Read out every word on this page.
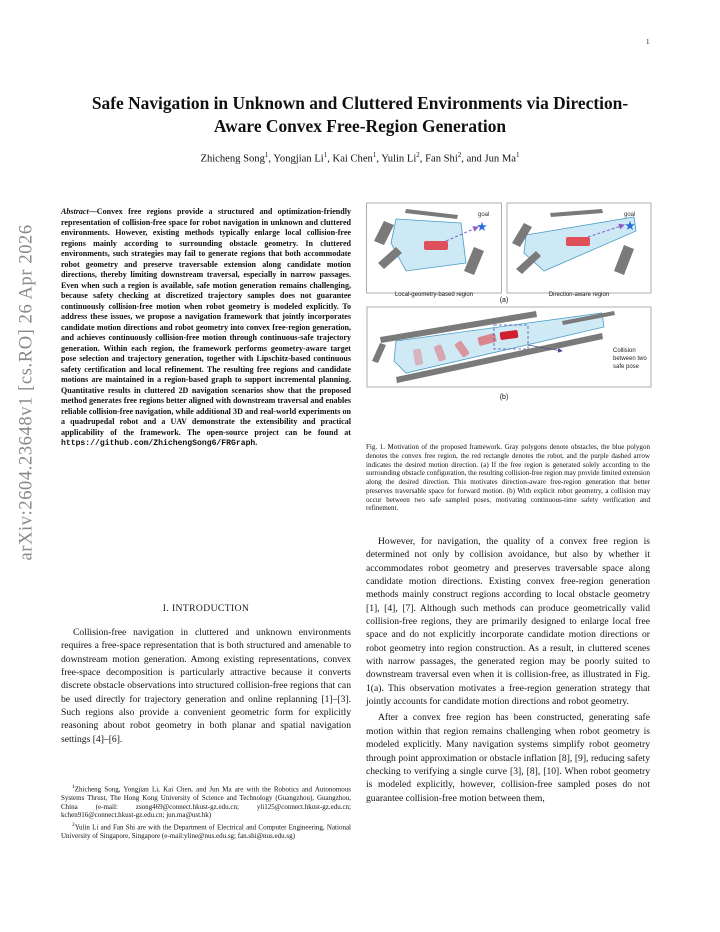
1
arXiv:2604.23648v1 [cs.RO] 26 Apr 2026
Safe Navigation in Unknown and Cluttered Environments via Direction-Aware Convex Free-Region Generation
Zhicheng Song$^1$, Yongjian Li$^1$, Kai Chen$^1$, Yulin Li$^2$, Fan Shi$^2$, and Jun Ma$^1$
Abstract—Convex free regions provide a structured and optimization-friendly representation of collision-free space for robot navigation in unknown and cluttered environments. However, existing methods typically enlarge local collision-free regions mainly according to surrounding obstacle geometry. In cluttered environments, such strategies may fail to generate regions that both accommodate robot geometry and preserve traversable extension along candidate motion directions, thereby limiting downstream traversal, especially in narrow passages. Even when such a region is available, safe motion generation remains challenging, because safety checking at discretized trajectory samples does not guarantee continuously collision-free motion when robot geometry is modeled explicitly. To address these issues, we propose a navigation framework that jointly incorporates candidate motion directions and robot geometry into convex free-region generation, and achieves continuously collision-free motion through continuous-safe trajectory generation. Within each region, the framework performs geometry-aware target pose selection and trajectory generation, together with Lipschitz-based continuous safety certification and local refinement. The resulting free regions and candidate motions are maintained in a region-based graph to support incremental planning. Quantitative results in cluttered 2D navigation scenarios show that the proposed method generates free regions better aligned with downstream traversal and enables reliable collision-free navigation, while additional 3D and real-world experiments on a quadrupedal robot and a UAV demonstrate the extensibility and practical applicability of the framework. The open-source project can be found at https://github.com/ZhichengSong6/FRGraph.
I. INTRODUCTION

Collision-free navigation in cluttered and unknown environments requires a free-space representation that is both structured and amenable to downstream motion generation. Among existing representations, convex free-space decomposition is particularly attractive because it converts discrete obstacle observations into structured collision-free regions that can be used directly for trajectory generation and online replanning [1]–[3]. Such regions also provide a convenient geometric form for explicitly reasoning about robot geometry in both planar and spatial navigation settings [4]–[6].

$^1$Zhicheng Song, Yongjian Li, Kai Chen, and Jun Ma are with the Robotics and Autonomous Systems Thrust, The Hong Kong University of Science and Technology (Guangzhou), Guangzhou, China (e-mail: zsong469@connect.hkust-gz.edu.cn; yli125@connect.hkust-gz.edu.cn; kchen916@connect.hkust-gz.edu.cn; jun.ma@ust.hk)

$^2$Yulin Li and Fan Shi are with the Department of Electrical and Computer Engineering, National University of Singapore, Singapore (e-mail:yline@nus.edu.sg; fan.shi@nus.edu.sg)

★
goal
Local-geometry-based region
★
goal
Direction-aware region
(a)
Collision
between two
safe pose
(b)
Fig. 1. Motivation of the proposed framework. Gray polygons denote obstacles, the blue polygon denotes the convex free region, the red rectangle denotes the robot, and the purple dashed arrow indicates the desired motion direction. (a) If the free region is generated solely according to the surrounding obstacle configuration, the resulting collision-free region may provide limited extension along the desired direction. This motivates direction-aware free-region generation that better preserves traversable space for forward motion. (b) With explicit robot geometry, a collision may occur between two safe sampled poses, motivating continuous-time safety verification and refinement.

However, for navigation, the quality of a convex free region is determined not only by collision avoidance, but also by whether it accommodates robot geometry and preserves traversable space along candidate motion directions. Existing convex free-region generation methods mainly construct regions according to local obstacle geometry [1], [4], [7]. Although such methods can produce geometrically valid collision-free regions, they are primarily designed to enlarge local free space and do not explicitly incorporate candidate motion directions or robot geometry into region construction. As a result, in cluttered scenes with narrow passages, the generated region may be poorly suited to downstream traversal even when it is collision-free, as illustrated in Fig. 1(a). This observation motivates a free-region generation strategy that jointly accounts for candidate motion directions and robot geometry.

After a convex free region has been constructed, generating safe motion within that region remains challenging when robot geometry is modeled explicitly. Many navigation systems simplify robot geometry through point approximation or obstacle inflation [8], [9], reducing safety checking to verifying a single curve [3], [8], [10]. When robot geometry is modeled explicitly, however, collision-free sampled poses do not guarantee collision-free motion between them,
